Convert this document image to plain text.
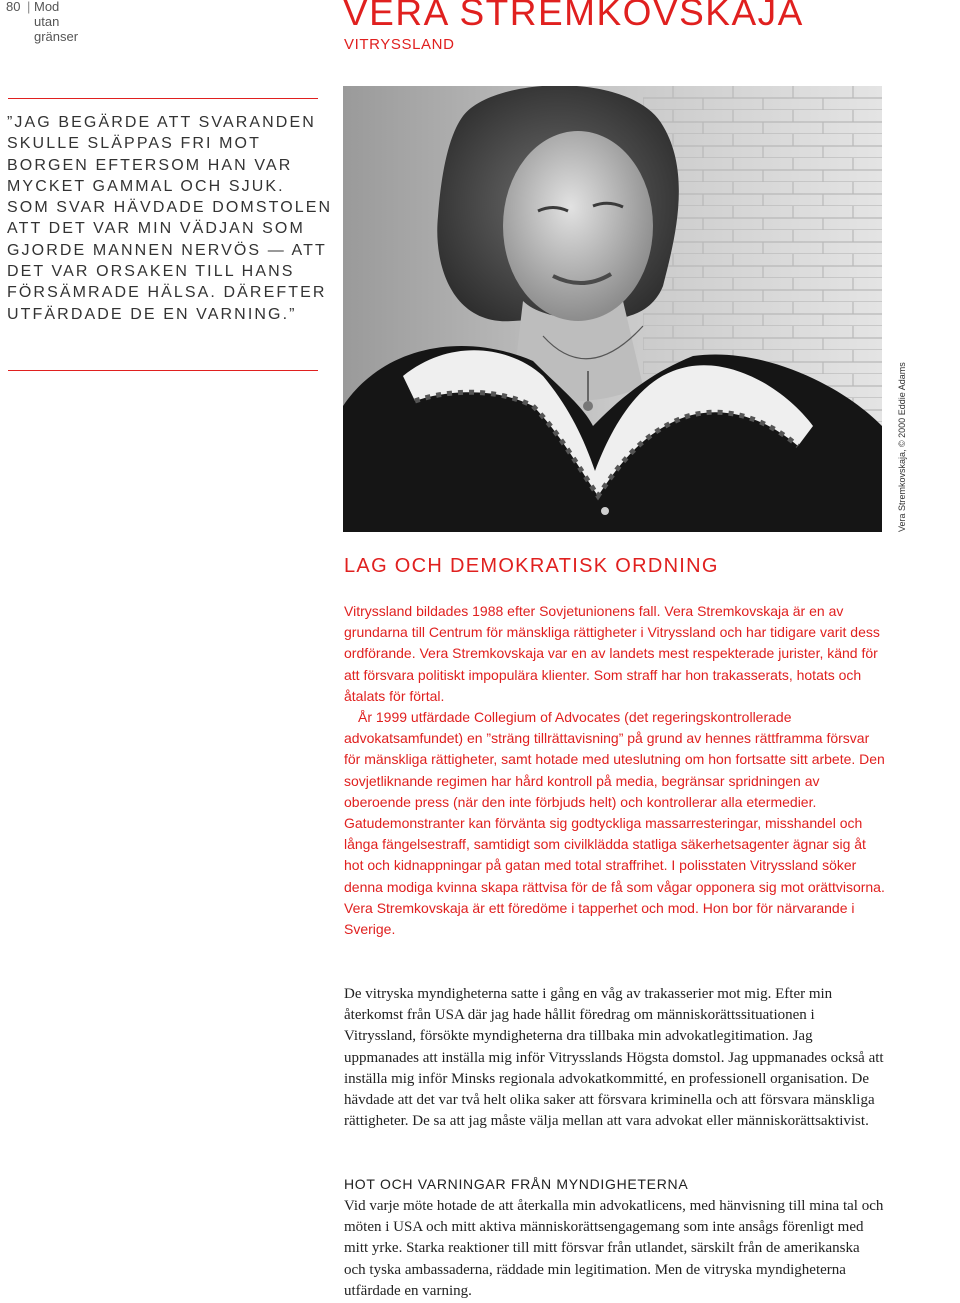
80 | Mod utan gränser
VERA STREMKOVSKAJA
VITRYSSLAND
”JAG BEGÄRDE ATT SVARANDEN
SKULLE SLÄPPAS FRI MOT
BORGEN EFTERSOM HAN VAR
MYCKET GAMMAL OCH SJUK.
SOM SVAR HÄVDADE DOMSTOLEN
ATT DET VAR MIN VÄDJAN SOM
GJORDE MANNEN NERVÖS — ATT
DET VAR ORSAKEN TILL HANS
FÖRSÄMRADE HÄLSA. DÄREFTER
UTFÄRDADE DE EN VARNING.”
Vera Stremkovskaja, © 2000 Eddie Adams
LAG OCH DEMOKRATISK ORDNING

Vitryssland bildades 1988 efter Sovjetunionens fall. Vera Stremkovskaja är en av grundarna till Centrum för mänskliga rättigheter i Vitryssland och har tidigare varit dess ordförande. Vera Stremkovskaja var en av landets mest respekterade jurister, känd för att försvara politiskt impopulära klienter. Som straff har hon trakasserats, hotats och åtalats för förtal.

År 1999 utfärdade Collegium of Advocates (det regeringskontrollerade advokatsamfundet) en ”sträng tillrättavisning” på grund av hennes rättframma försvar för mänskliga rättigheter, samt hotade med uteslutning om hon fortsatte sitt arbete. Den sovjetliknande regimen har hård kontroll på media, begränsar spridningen av oberoende press (när den inte förbjuds helt) och kontrollerar alla etermedier. Gatudemonstranter kan förvänta sig godtyckliga massarresteringar, misshandel och långa fängelsestraff, samtidigt som civilklädda statliga säkerhetsagenter ägnar sig åt hot och kidnappningar på gatan med total straffrihet. I polisstaten Vitryssland söker denna modiga kvinna skapa rättvisa för de få som vågar opponera sig mot orättvisorna. Vera Stremkovskaja är ett föredöme i tapperhet och mod. Hon bor för närvarande i Sverige.

De vitryska myndigheterna satte i gång en våg av trakasserier mot mig. Efter min återkomst från USA där jag hade hållit föredrag om människorättssituationen i Vitryssland, försökte myndigheterna dra tillbaka min advokatlegitimation. Jag uppmanades att inställa mig inför Vitrysslands Högsta domstol. Jag uppmanades också att inställa mig inför Minsks regionala advokatkommitté, en professionell organisation. De hävdade att det var två helt olika saker att försvara kriminella och att försvara mänskliga rättigheter. De sa att jag måste välja mellan att vara advokat eller människorättsaktivist.
HOT OCH VARNINGAR FRÅN MYNDIGHETERNA
Vid varje möte hotade de att återkalla min advokatlicens, med hänvisning till mina tal och möten i USA och mitt aktiva människorättsengagemang som inte ansågs förenligt med mitt yrke. Starka reaktioner till mitt försvar från utlandet, särskilt från de amerikanska och tyska ambassaderna, räddade min legitimation. Men de vitryska myndigheterna utfärdade en varning.
